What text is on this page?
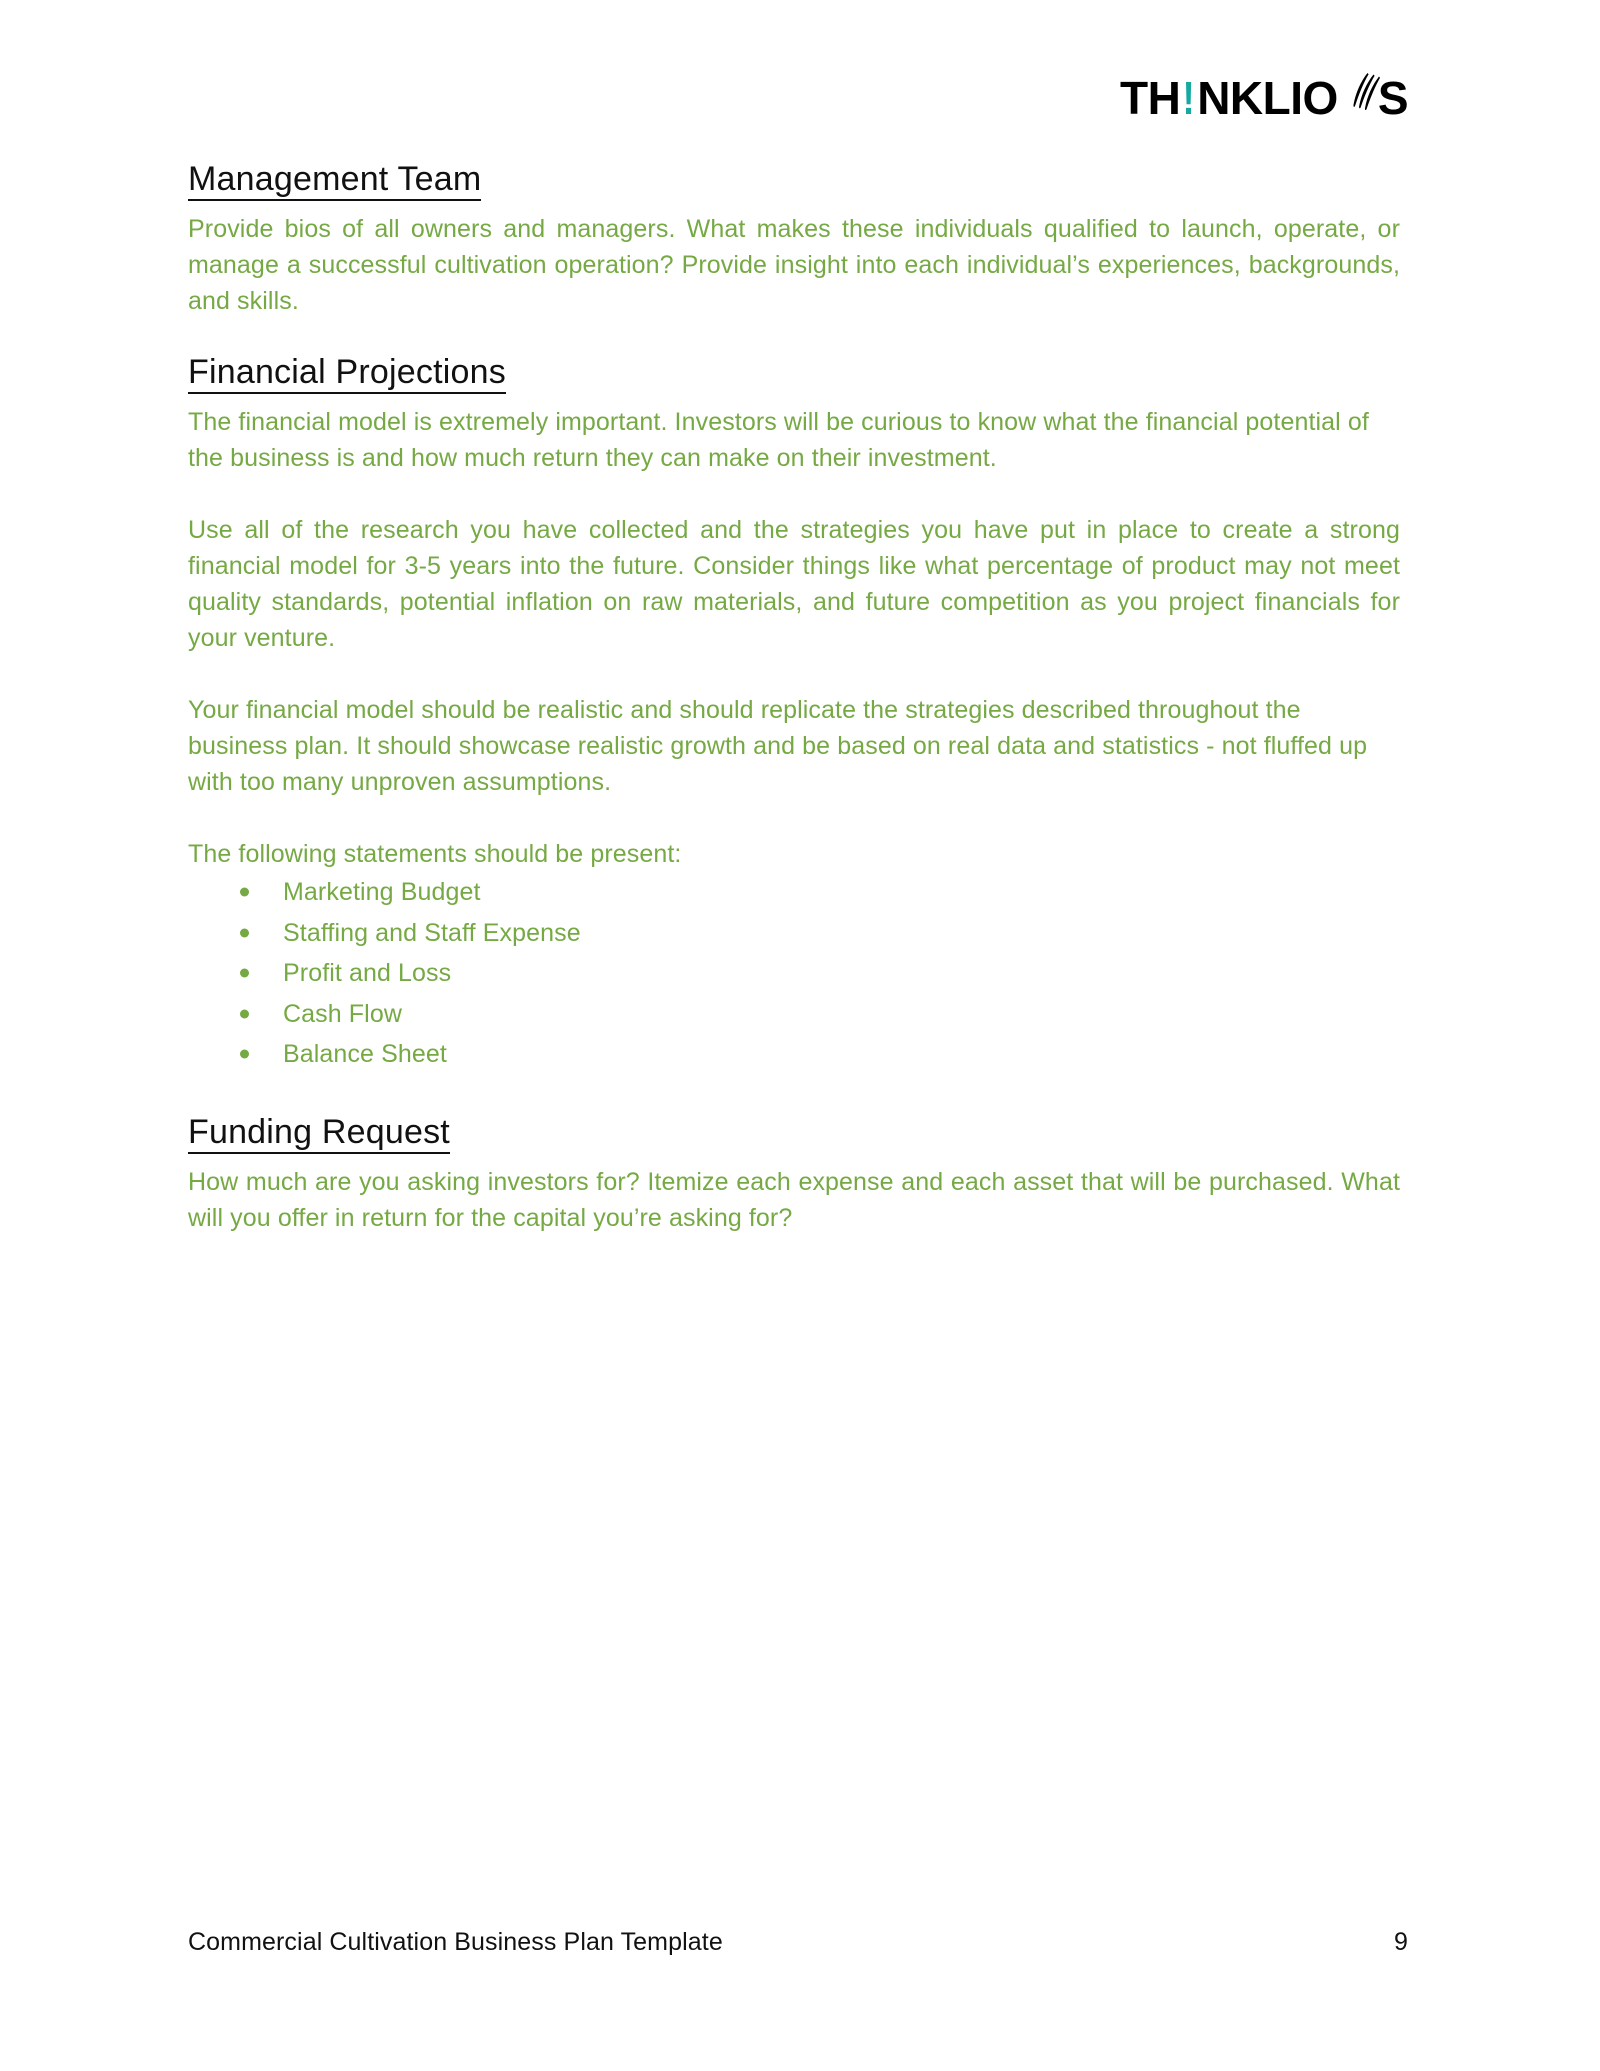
TH ! NKLIO S
Management Team

Provide bios of all owners and managers. What makes these individuals qualified to launch, operate, or manage a successful cultivation operation? Provide insight into each individual’s experiences, backgrounds, and skills.

Financial Projections

The financial model is extremely important. Investors will be curious to know what the financial potential of the business is and how much return they can make on their investment.

Use all of the research you have collected and the strategies you have put in place to create a strong financial model for 3-5 years into the future. Consider things like what percentage of product may not meet quality standards, potential inflation on raw materials, and future competition as you project financials for your venture.

Your financial model should be realistic and should replicate the strategies described throughout the business plan. It should showcase realistic growth and be based on real data and statistics - not fluffed up with too many unproven assumptions.

The following statements should be present:

Marketing Budget
Staffing and Staff Expense
Profit and Loss
Cash Flow
Balance Sheet
Funding Request

How much are you asking investors for? Itemize each expense and each asset that will be purchased. What will you offer in return for the capital you’re asking for?

Commercial Cultivation Business Plan Template	9
